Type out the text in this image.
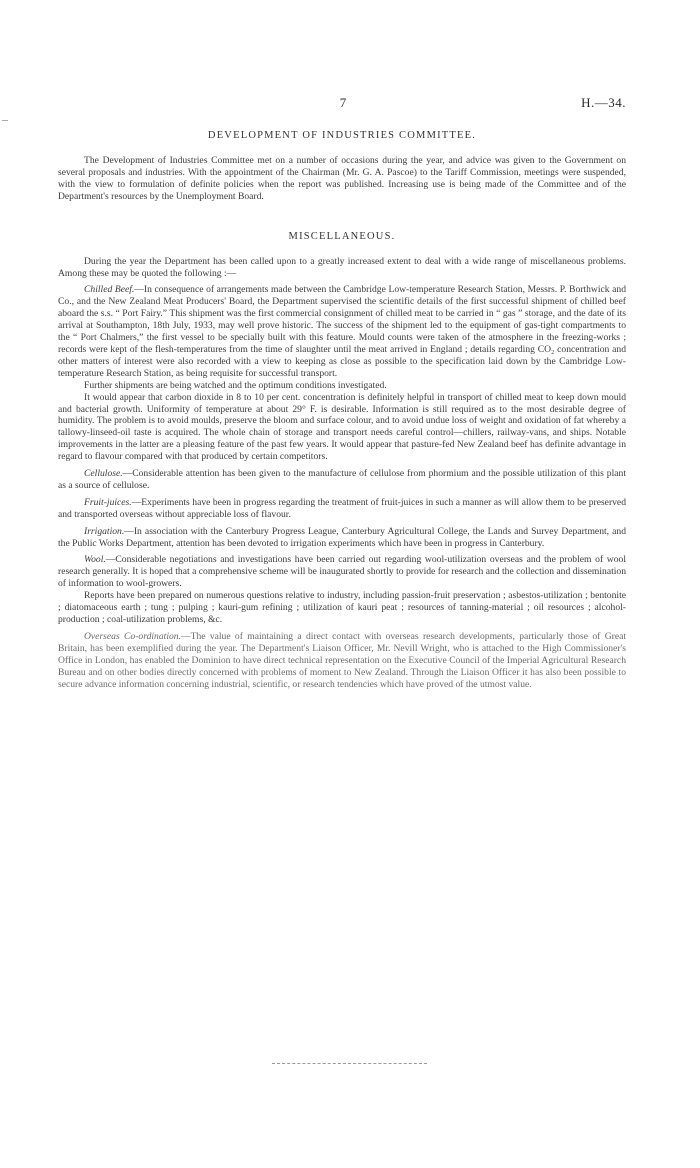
7	H.—34.
DEVELOPMENT OF INDUSTRIES COMMITTEE.

The Development of Industries Committee met on a number of occasions during the year, and advice was given to the Government on several proposals and industries. With the appointment of the Chairman (Mr. G. A. Pascoe) to the Tariff Commission, meetings were suspended, with the view to formulation of definite policies when the report was published. Increasing use is being made of the Committee and of the Department's resources by the Unemployment Board.

MISCELLANEOUS.

During the year the Department has been called upon to a greatly increased extent to deal with a wide range of miscellaneous problems. Among these may be quoted the following :—

Chilled Beef.—In consequence of arrangements made between the Cambridge Low-temperature Research Station, Messrs. P. Borthwick and Co., and the New Zealand Meat Producers' Board, the Department supervised the scientific details of the first successful shipment of chilled beef aboard the s.s. “ Port Fairy.” This shipment was the first commercial consignment of chilled meat to be carried in “ gas ” storage, and the date of its arrival at Southampton, 18th July, 1933, may well prove historic. The success of the shipment led to the equipment of gas-tight compartments to the “ Port Chalmers,” the first vessel to be specially built with this feature. Mould counts were taken of the atmosphere in the freezing-works ; records were kept of the flesh-temperatures from the time of slaughter until the meat arrived in England ; details regarding CO₂ concentration and other matters of interest were also recorded with a view to keeping as close as possible to the specification laid down by the Cambridge Low-temperature Research Station, as being requisite for successful transport.

Further shipments are being watched and the optimum conditions investigated.

It would appear that carbon dioxide in 8 to 10 per cent. concentration is definitely helpful in transport of chilled meat to keep down mould and bacterial growth. Uniformity of temperature at about 29° F. is desirable. Information is still required as to the most desirable degree of humidity. The problem is to avoid moulds, preserve the bloom and surface colour, and to avoid undue loss of weight and oxidation of fat whereby a tallowy-linseed-oil taste is acquired. The whole chain of storage and transport needs careful control—chillers, railway-vans, and ships. Notable improvements in the latter are a pleasing feature of the past few years. It would appear that pasture-fed New Zealand beef has definite advantage in regard to flavour compared with that produced by certain competitors.

Cellulose.—Considerable attention has been given to the manufacture of cellulose from phormium and the possible utilization of this plant as a source of cellulose.

Fruit-juices.—Experiments have been in progress regarding the treatment of fruit-juices in such a manner as will allow them to be preserved and transported overseas without appreciable loss of flavour.

Irrigation.—In association with the Canterbury Progress League, Canterbury Agricultural College, the Lands and Survey Department, and the Public Works Department, attention has been devoted to irrigation experiments which have been in progress in Canterbury.

Wool.—Considerable negotiations and investigations have been carried out regarding wool-utilization overseas and the problem of wool research generally. It is hoped that a comprehensive scheme will be inaugurated shortly to provide for research and the collection and dissemination of information to wool-growers.

Reports have been prepared on numerous questions relative to industry, including passion-fruit preservation ; asbestos-utilization ; bentonite ; diatomaceous earth ; tung ; pulping ; kauri-gum refining ; utilization of kauri peat ; resources of tanning-material ; oil resources ; alcohol-production ; coal-utilization problems, &c.

Overseas Co-ordination.—The value of maintaining a direct contact with overseas research developments, particularly those of Great Britain, has been exemplified during the year. The Department's Liaison Officer, Mr. Nevill Wright, who is attached to the High Commissioner's Office in London, has enabled the Dominion to have direct technical representation on the Executive Council of the Imperial Agricultural Research Bureau and on other bodies directly concerned with problems of moment to New Zealand. Through the Liaison Officer it has also been possible to secure advance information concerning industrial, scientific, or research tendencies which have proved of the utmost value.
